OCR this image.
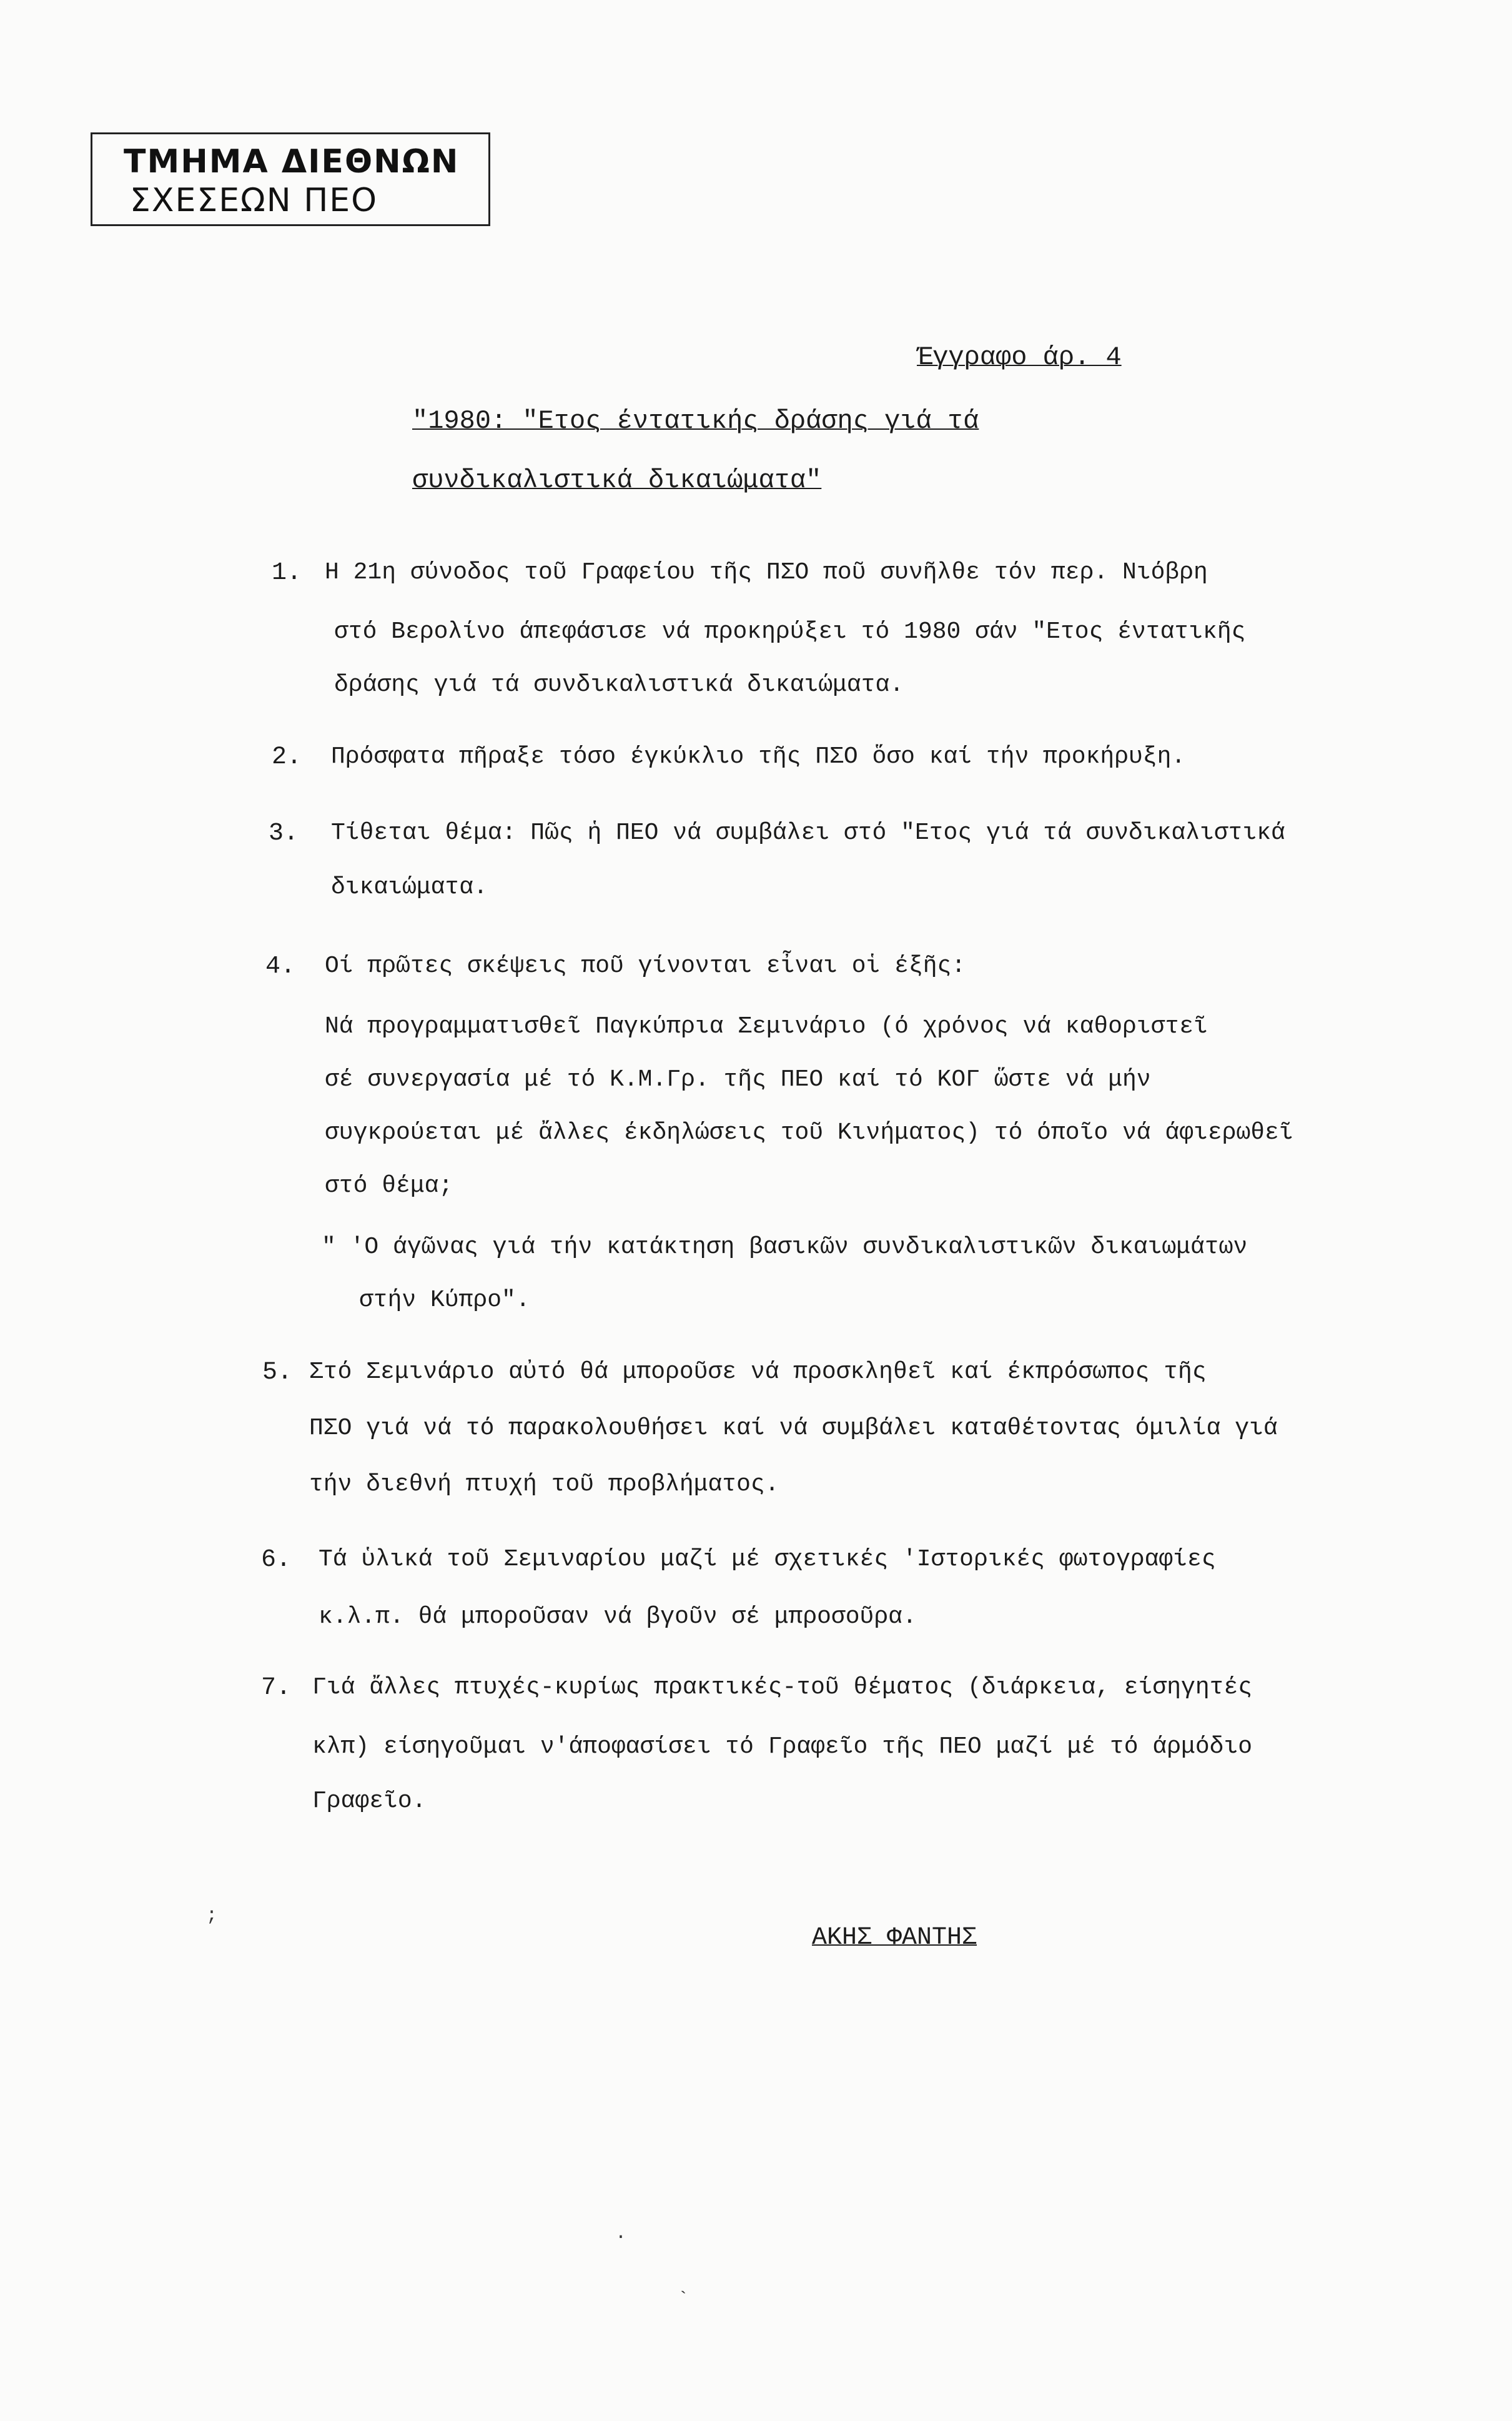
ΤΜΗΜΑ ΔΙΕΘΝΩΝ
ΣΧΕΣΕΩΝ ΠΕΟ
Έγγραφο άρ. 4
"1980: "Ετος έντατικής δράσης γιά τά
συνδικαλιστικά δικαιώματα"
1. Η 21η σύνοδος τοῦ Γραφείου τῆς ΠΣΟ ποῦ συνῆλθε τόν περ. Νιόβρη
στό Βερολίνο άπεφάσισε νά προκηρύξει τό 1980 σάν "Ετος έντατικῆς
δράσης γιά τά συνδικαλιστικά δικαιώματα.
2. Πρόσφατα πῆραξε τόσο έγκύκλιο τῆς ΠΣΟ ὅσο καί τήν προκήρυξη.
3. Τίθεται θέμα: Πῶς ἡ ΠΕΟ νά συμβάλει στό "Ετος γιά τά συνδικαλιστικά
δικαιώματα.
4. Οί πρῶτες σκέψεις ποῦ γίνονται εἶναι οἱ έξῆς:
Νά προγραμματισθεῖ Παγκύπρια Σεμινάριο (ό χρόνος νά καθοριστεῖ
σέ συνεργασία μέ τό Κ.Μ.Γρ. τῆς ΠΕΟ καί τό ΚΟΓ ὥστε νά μήν
συγκρούεται μέ ἄλλες έκδηλώσεις τοῦ Κινήματος) τό όποῖο νά άφιερωθεῖ
στό θέμα;
" 'Ο άγῶνας γιά τήν κατάκτηση βασικῶν συνδικαλιστικῶν δικαιωμάτων
στήν Κύπρο".
5. Στό Σεμινάριο αὐτό θά μποροῦσε νά προσκληθεῖ καί έκπρόσωπος τῆς
ΠΣΟ γιά νά τό παρακολουθήσει καί νά συμβάλει καταθέτοντας όμιλία γιά
τήν διεθνή πτυχή τοῦ προβλήματος.
6. Τά ὑλικά τοῦ Σεμιναρίου μαζί μέ σχετικές 'Ιστορικές φωτογραφίες
κ.λ.π. θά μποροῦσαν νά βγοῦν σέ μπροσοῦρα.
7. Γιά ἄλλες πτυχές-κυρίως πρακτικές-τοῦ θέματος (διάρκεια, είσηγητές
κλπ) είσηγοῦμαι ν'άποφασίσει τό Γραφεῖο τῆς ΠΕΟ μαζί μέ τό άρμόδιο
Γραφεῖο.
ΑΚΗΣ ΦΑΝΤΗΣ
;
·
`
